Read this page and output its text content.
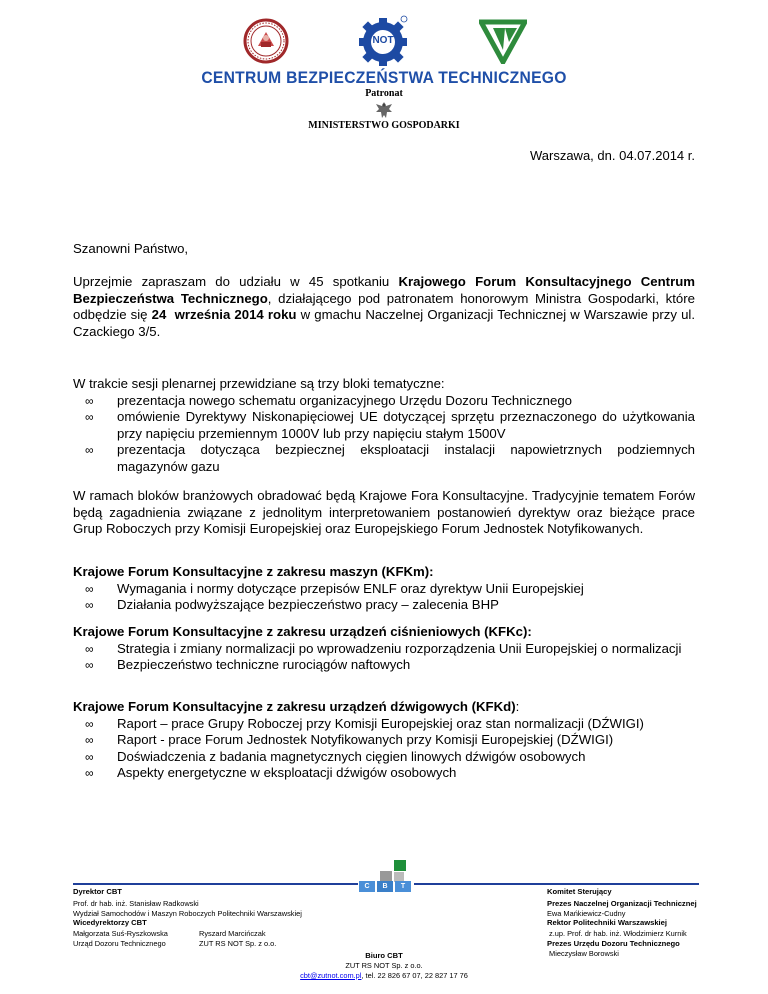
NOT
CENTRUM BEZPIECZEŃSTWA TECHNICZNEGO
Patronat
MINISTERSTWO GOSPODARKI
Warszawa, dn. 04.07.2014 r.
Szanowni Państwo,
Uprzejmie zapraszam do udziału w 45 spotkaniu Krajowego Forum Konsultacyjnego Centrum Bezpieczeństwa Technicznego, działającego pod patronatem honorowym Ministra Gospodarki, które odbędzie się 24  września 2014 roku w gmachu Naczelnej Organizacji Technicznej w Warszawie przy ul. Czackiego 3/5.

W trakcie sesji plenarnej przewidziane są trzy bloki tematyczne:

∞ prezentacja nowego schematu organizacyjnego Urzędu Dozoru Technicznego
∞ omówienie Dyrektywy Niskonapięciowej UE dotyczącej sprzętu przeznaczonego do użytkowania przy napięciu przemiennym 1000V lub przy napięciu stałym 1500V
∞ prezentacja dotycząca bezpiecznej eksploatacji instalacji napowietrznych podziemnych magazynów gazu
W ramach bloków branżowych obradować będą Krajowe Fora Konsultacyjne. Tradycyjnie tematem Forów będą zagadnienia związane z jednolitym interpretowaniem postanowień dyrektyw oraz bieżące prace Grup Roboczych przy Komisji Europejskiej oraz Europejskiego Forum Jednostek Notyfikowanych.

Krajowe Forum Konsultacyjne z zakresu maszyn (KFKm):

∞ Wymagania i normy dotyczące przepisów ENLF oraz dyrektyw Unii Europejskiej
∞ Działania podwyższające bezpieczeństwo pracy – zalecenia BHP

Krajowe Forum Konsultacyjne z zakresu urządzeń ciśnieniowych (KFKc):

∞ Strategia i zmiany normalizacji po wprowadzeniu rozporządzenia Unii Europejskiej o normalizacji
∞ Bezpieczeństwo techniczne rurociągów naftowych

Krajowe Forum Konsultacyjne z zakresu urządzeń dźwigowych (KFKd):

∞ Raport – prace Grupy Roboczej przy Komisji Europejskiej oraz stan normalizacji (DŹWIGI)
∞ Raport - prace Forum Jednostek Notyfikowanych przy Komisji Europejskiej (DŹWIGI)
∞ Doświadczenia z badania magnetycznych cięgien linowych dźwigów osobowych
∞ Aspekty energetyczne w eksploatacji dźwigów osobowych
C	B	T
Dyrektor CBT
Prof. dr hab. inż. Stanisław Radkowski
Wydział Samochodów i Maszyn Roboczych Politechniki Warszawskiej
Wicedyrektorzy CBT
Małgorzata Suś-Ryszkowska
Urząd Dozoru Technicznego
Ryszard Marcińczak
ZUT RS NOT Sp. z o.o.
Biuro CBT
ZUT RS NOT Sp. z o.o.
cbt@zutnot.com.pl, tel. 22 826 67 07, 22 827 17 76
Komitet Sterujący
Prezes Naczelnej Organizacji Technicznej
Ewa Mańkiewicz-Cudny
Rektor Politechniki Warszawskiej
z.up. Prof. dr hab. inż. Włodzimierz Kurnik
Prezes Urzędu Dozoru Technicznego
Mieczysław Borowski
